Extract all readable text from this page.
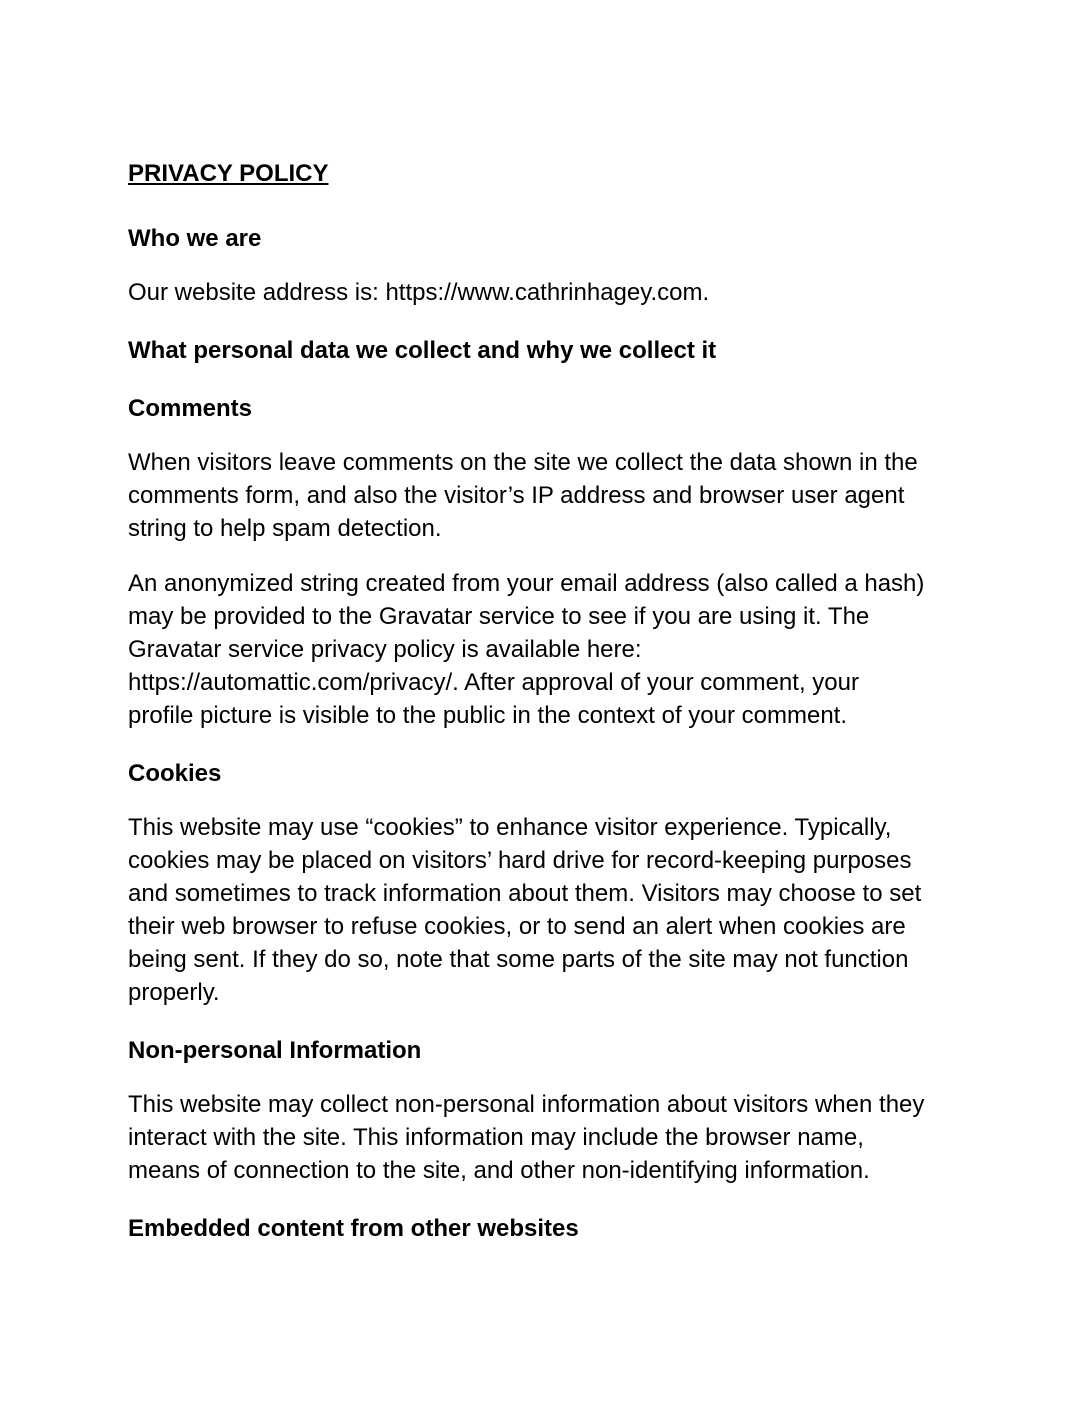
PRIVACY POLICY
Who we are
Our website address is: https://www.cathrinhagey.com.
What personal data we collect and why we collect it
Comments
When visitors leave comments on the site we collect the data shown in the
comments form, and also the visitor’s IP address and browser user agent
string to help spam detection.
An anonymized string created from your email address (also called a hash)
may be provided to the Gravatar service to see if you are using it. The
Gravatar service privacy policy is available here:
https://automattic.com/privacy/. After approval of your comment, your
profile picture is visible to the public in the context of your comment.
Cookies
This website may use “cookies” to enhance visitor experience. Typically,
cookies may be placed on visitors’ hard drive for record-keeping purposes
and sometimes to track information about them. Visitors may choose to set
their web browser to refuse cookies, or to send an alert when cookies are
being sent. If they do so, note that some parts of the site may not function
properly.
Non-personal Information
This website may collect non-personal information about visitors when they
interact with the site. This information may include the browser name,
means of connection to the site, and other non-identifying information.
Embedded content from other websites
